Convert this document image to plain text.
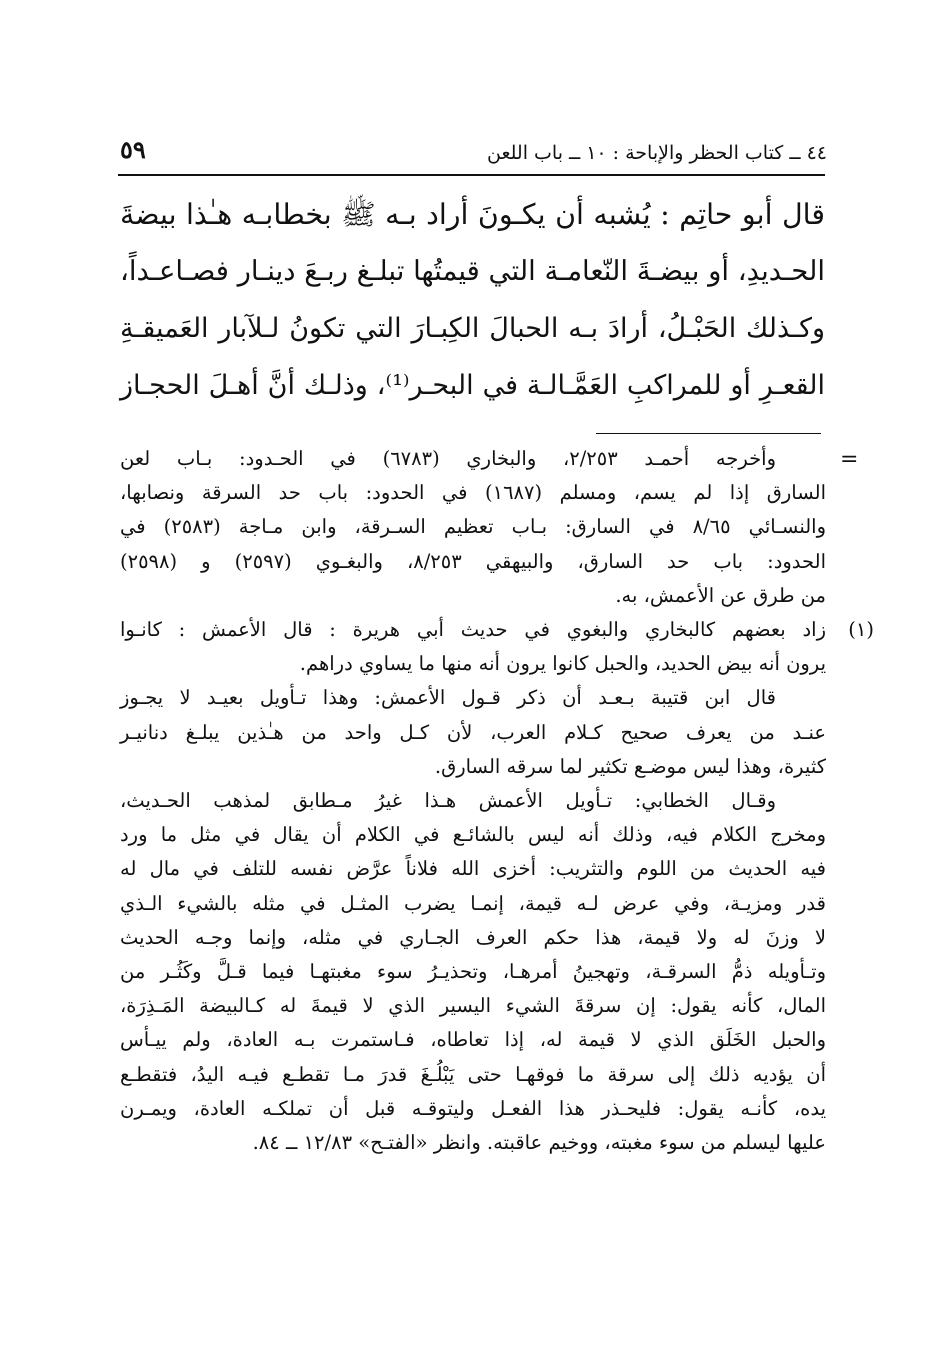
٤٤ ــ كتاب الحظر والإباحة : ١٠ ــ باب اللعن
٥٩
قال أبو حاتِم : يُشبه أن يكـونَ أراد بـه ﷺ بخطابـه هـٰذا بيضةَ
الحـديدِ، أو بيضـةَ النّعامـة التي قيمتُها تبلـغ ربـعَ دينـار فصـاعـداً،
وكـذلك الحَبْـلُ، أرادَ بـه الحبالَ الكِبـارَ التي تكونُ لـلآبار العَميقـةِ
القعـرِ أو للمراكبِ العَمَّـالـة في البحـر⁽¹⁾، وذلـك أنَّ أهـلَ الحجـاز
=
وأخرجه أحمـد ٢/٢٥٣، والبخاري (٦٧٨٣) في الحـدود: بـاب لعن
السارق إذا لم يسم، ومسلم (١٦٨٧) في الحدود: باب حد السرقة ونصابها،
والنسـائي ٨/٦٥ في السارق: بـاب تعظيم السـرقة، وابن مـاجة (٢٥٨٣) في
الحدود: باب حد السارق، والبيهقي ٨/٢٥٣، والبغـوي (٢٥٩٧) و (٢٥٩٨)
من طرق عن الأعمش، به.
(١)
زاد بعضهم كالبخاري والبغوي في حديث أبي هريرة : قال الأعمش : كانـوا
يرون أنه بيض الحديد، والحبل كانوا يرون أنه منها ما يساوي دراهم.
قال ابن قتيبة بـعـد أن ذكر قـول الأعمش: وهذا تـأويل بعيـد لا يجـوز
عنـد من يعرف صحيح كـلام العرب، لأن كـل واحد من هـٰذين يبلـغ دنانيـر
كثيرة، وهذا ليس موضـع تكثير لما سرقه السارق.
وقـال الخطابي: تـأويل الأعمش هـذا غيرُ مـطابق لمذهب الحـديث،
ومخرج الكلام فيه، وذلك أنه ليس بالشائـع في الكلام أن يقال في مثل ما ورد
فيه الحديث من اللوم والتثريب: أخزى الله فلاناً عرَّض نفسه للتلف في مال له
قدر ومزيـة، وفي عرض لـه قيمة، إنمـا يضرب المثـل في مثله بالشيء الـذي
لا وزنَ له ولا قيمة، هذا حكم العرف الجـاري في مثله، وإنما وجـه الحديث
وتـأويله ذمُّ السرقـة، وتهجينُ أمرهـا، وتحذيـرُ سوء مغبتهـا فيما قـلَّ وكَثُـر من
المال، كأنه يقول: إن سرقةَ الشيء اليسير الذي لا قيمةَ له كـالبيضة المَـذِرَة،
والحبل الخَلَق الذي لا قيمة له، إذا تعاطاه، فـاستمرت بـه العادة، ولم ييـأس
أن يؤديه ذلك إلى سرقة ما فوقهـا حتى يَبْلُـغَ قدرَ مـا تقطـع فيـه اليدُ، فتقطـع
يده، كأنـه يقول: فليحـذر هذا الفعـل وليتوقـه قبل أن تملكـه العادة، ويمـرن
عليها ليسلم من سوء مغبته، ووخيم عاقبته. وانظر «الفتـح» ١٢/٨٣ ــ ٨٤.
